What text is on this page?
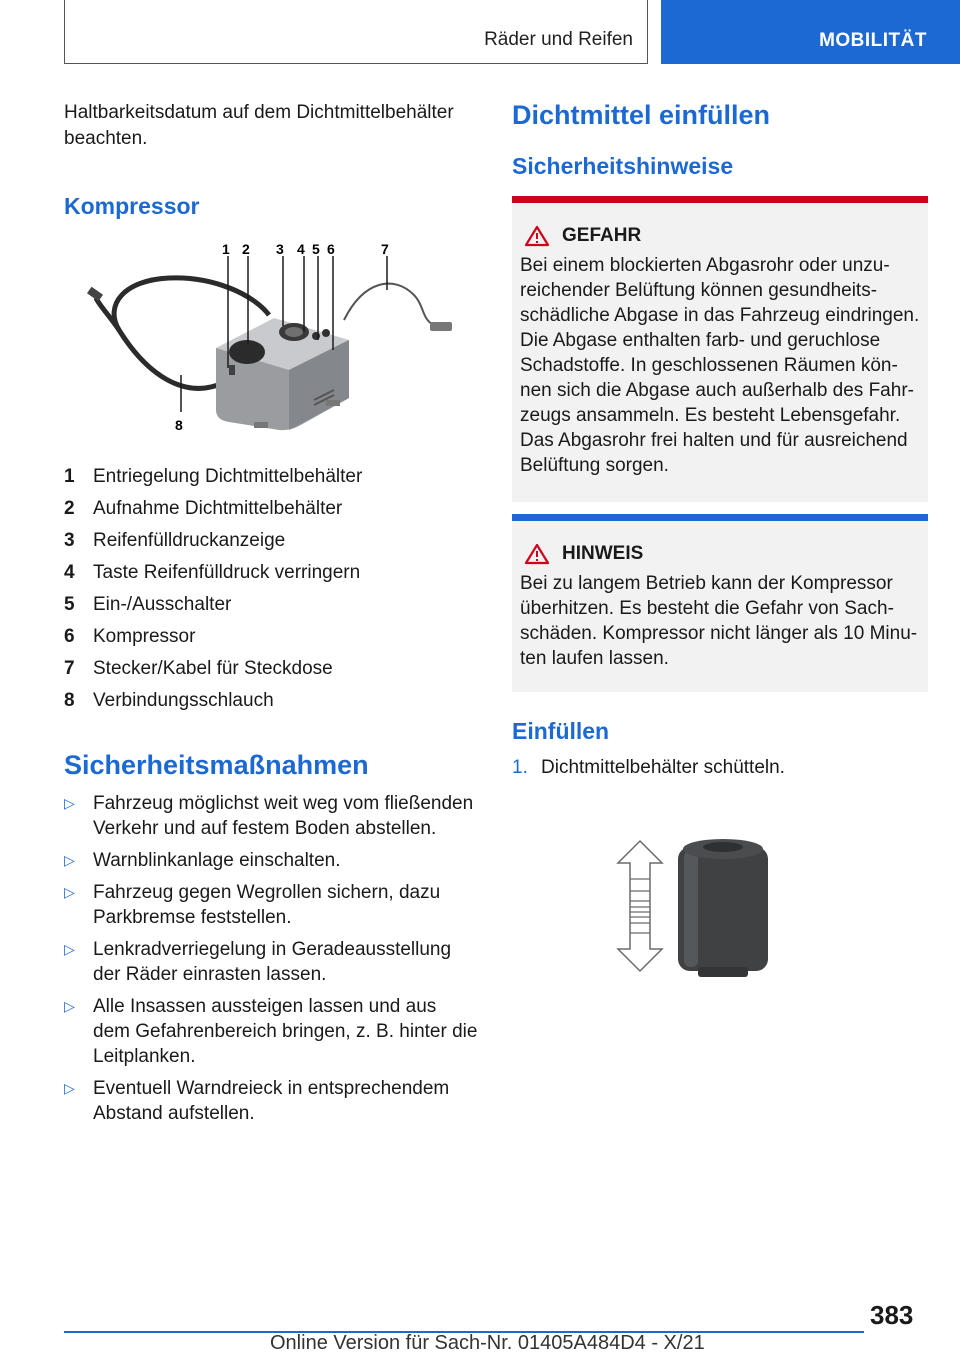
Räder und Reifen	MOBILITÄT

Haltbarkeitsdatum auf dem Dichtmittelbehälter beachten.

Kompressor
1 2 3 4 5 6	7
8
1 Entriegelung Dichtmittelbehälter
2 Aufnahme Dichtmittelbehälter
3 Reifenfülldruckanzeige
4 Taste Reifenfülldruck verringern
5 Ein-/Ausschalter
6 Kompressor
7 Stecker/Kabel für Steckdose
8 Verbindungsschlauch
Sicherheitsmaßnahmen
▷ Fahrzeug möglichst weit weg vom fließenden Verkehr und auf festem Boden abstellen.
▷ Warnblinkanlage einschalten.
▷ Fahrzeug gegen Wegrollen sichern, dazu Parkbremse feststellen.
▷ Lenkradverriegelung in Geradeausstellung der Räder einrasten lassen.
▷ Alle Insassen aussteigen lassen und aus dem Gefahrenbereich bringen, z. B. hinter die Leitplanken.
▷ Eventuell Warndreieck in entsprechendem Abstand aufstellen.
Dichtmittel einfüllen
Sicherheitshinweise
GEFAHR
Bei einem blockierten Abgasrohr oder unzureichender Belüftung können gesundheitsschädliche Abgase in das Fahrzeug eindringen. Die Abgase enthalten farb- und geruchlose Schadstoffe. In geschlossenen Räumen können sich die Abgase auch außerhalb des Fahrzeugs ansammeln. Es besteht Lebensgefahr. Das Abgasrohr frei halten und für ausreichend Belüftung sorgen.
HINWEIS
Bei zu langem Betrieb kann der Kompressor überhitzen. Es besteht die Gefahr von Sachschäden. Kompressor nicht länger als 10 Minuten laufen lassen.
Einfüllen
1. Dichtmittelbehälter schütteln.
383
Online Version für Sach-Nr. 01405A484D4 - X/21
